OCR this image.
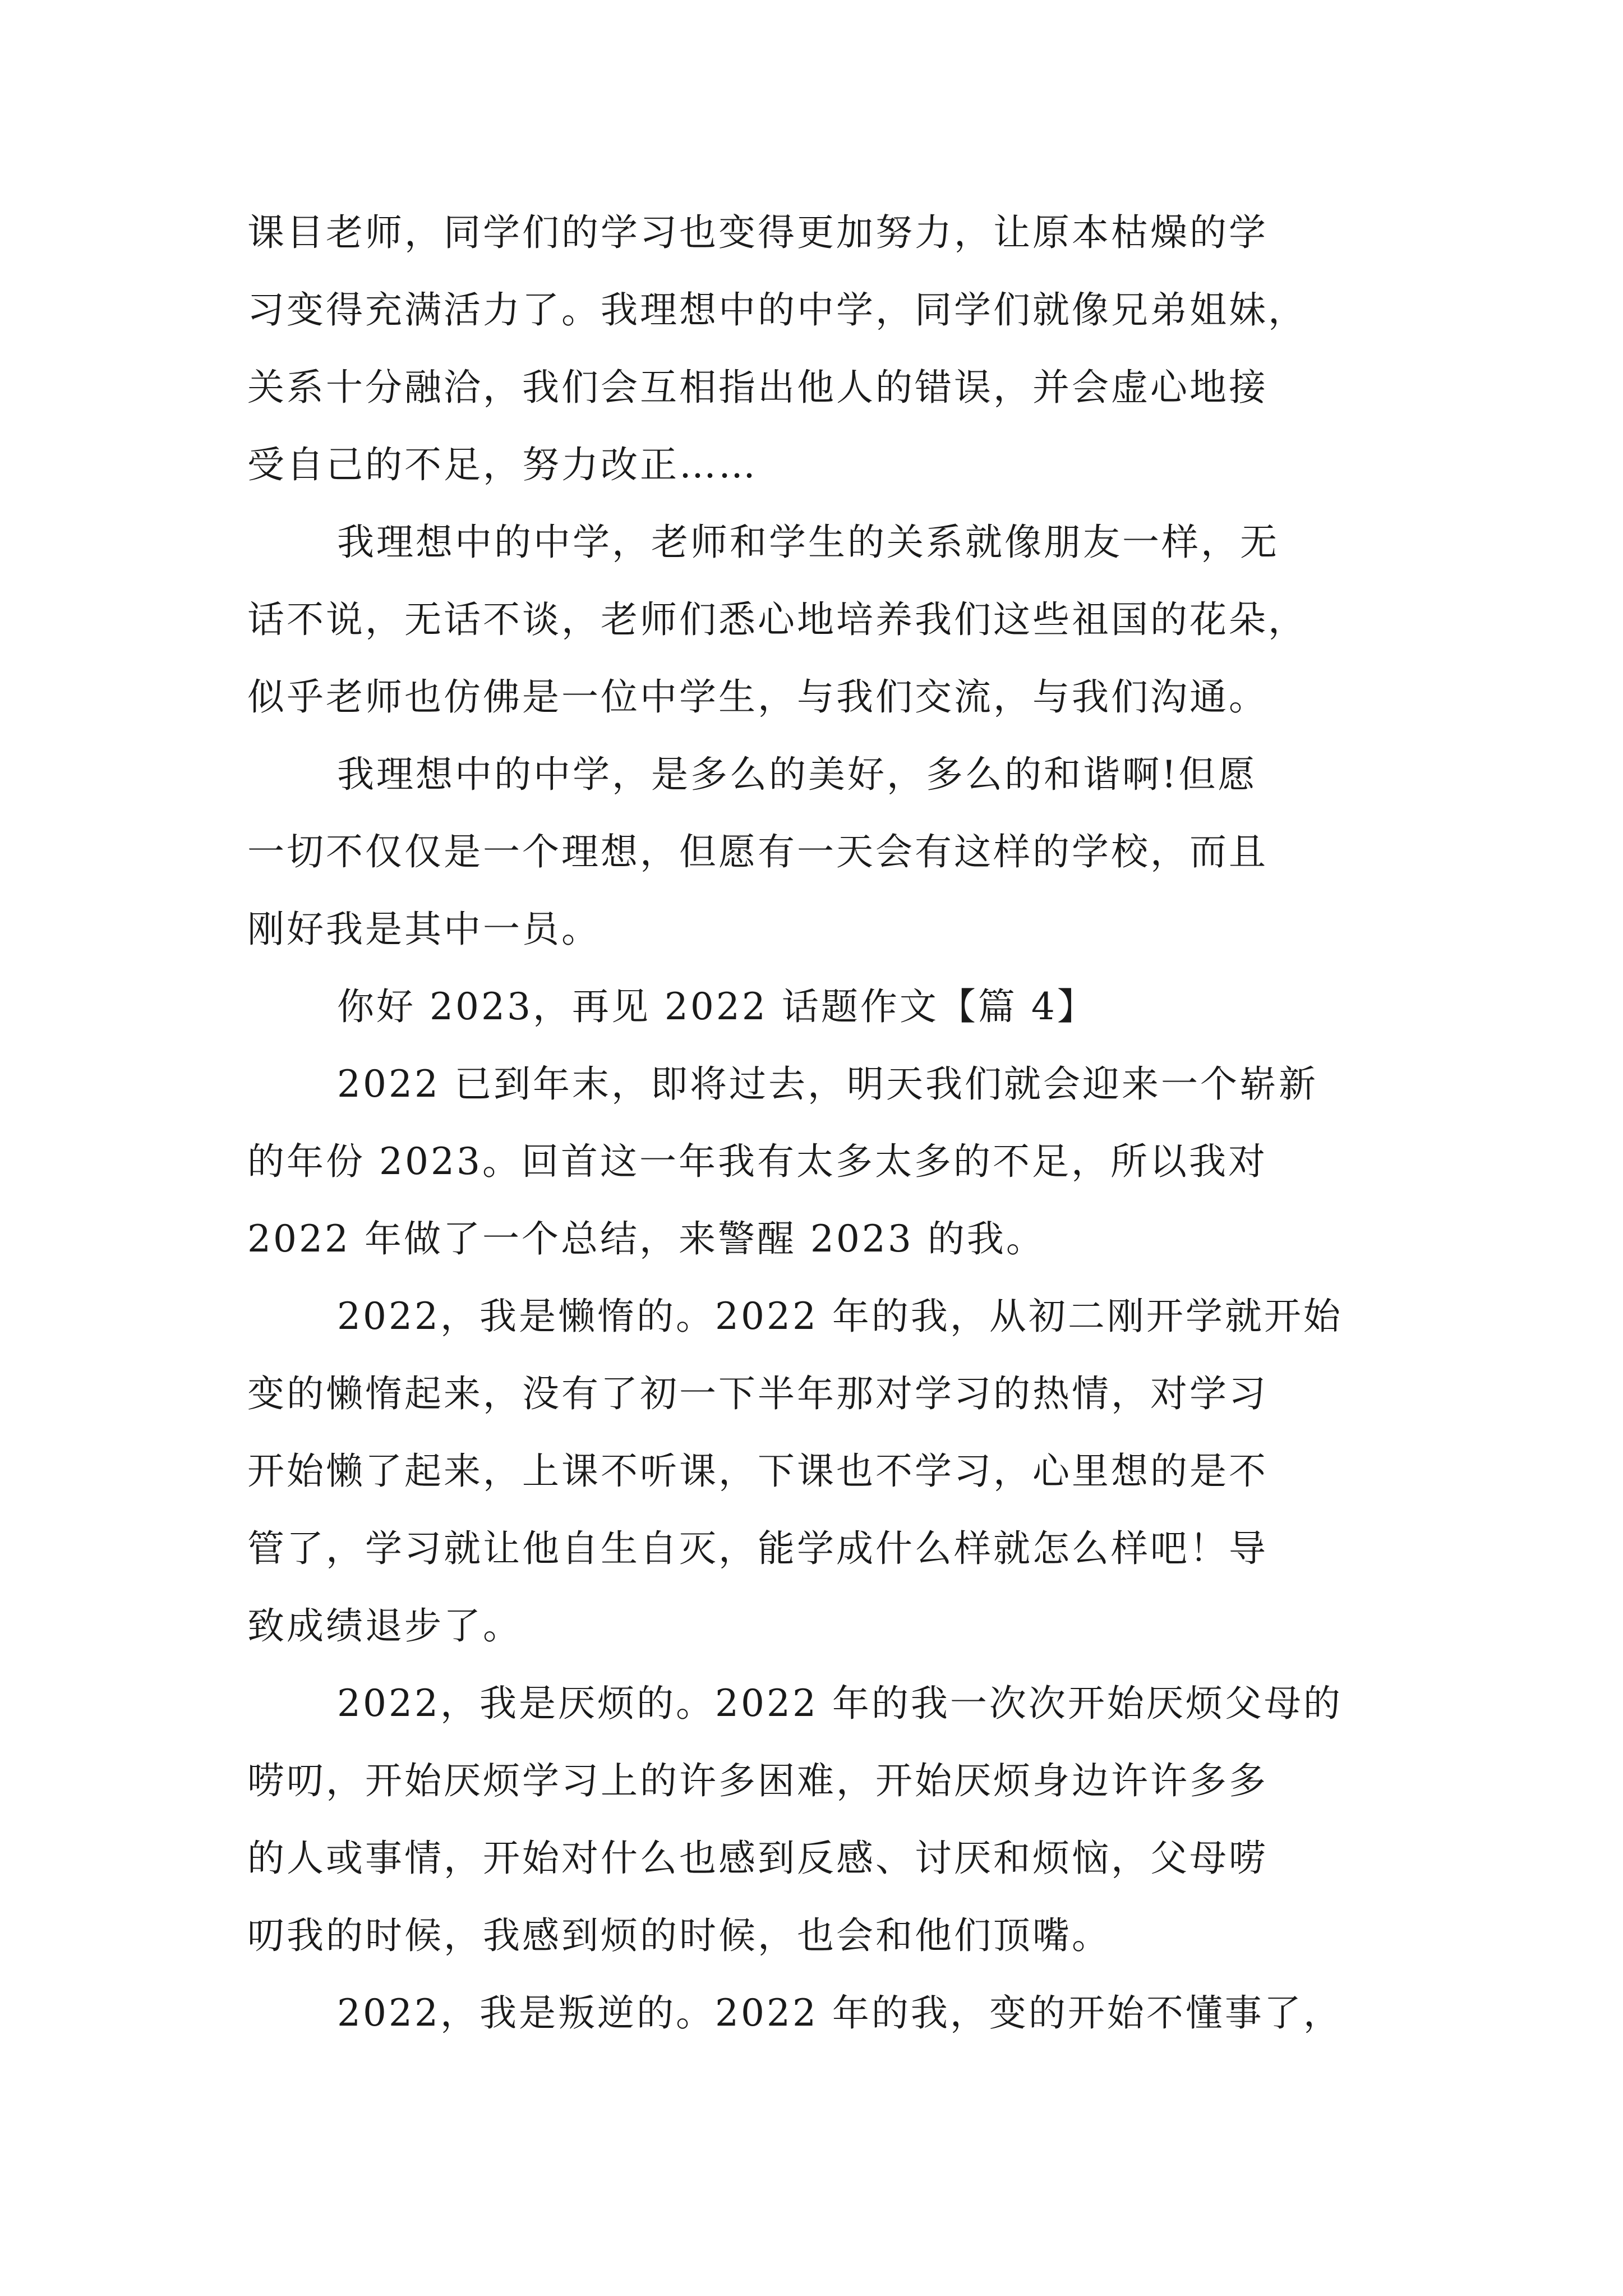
课目老师，同学们的学习也变得更加努力，让原本枯燥的学
习变得充满活力了。我理想中的中学，同学们就像兄弟姐妹，
关系十分融洽，我们会互相指出他人的错误，并会虚心地接
受自己的不足，努力改正……
我理想中的中学，老师和学生的关系就像朋友一样，无
话不说，无话不谈，老师们悉心地培养我们这些祖国的花朵，
似乎老师也仿佛是一位中学生，与我们交流，与我们沟通。
我理想中的中学，是多么的美好，多么的和谐啊!但愿
一切不仅仅是一个理想，但愿有一天会有这样的学校，而且
刚好我是其中一员。
你好 2023，再见 2022 话题作文【篇 4】
2022 已到年末，即将过去，明天我们就会迎来一个崭新
的年份 2023。回首这一年我有太多太多的不足，所以我对
2022 年做了一个总结，来警醒 2023 的我。
2022，我是懒惰的。2022 年的我，从初二刚开学就开始
变的懒惰起来，没有了初一下半年那对学习的热情，对学习
开始懒了起来，上课不听课，下课也不学习，心里想的是不
管了，学习就让他自生自灭，能学成什么样就怎么样吧！导
致成绩退步了。
2022，我是厌烦的。2022 年的我一次次开始厌烦父母的
唠叨，开始厌烦学习上的许多困难，开始厌烦身边许许多多
的人或事情，开始对什么也感到反感、讨厌和烦恼，父母唠
叨我的时候，我感到烦的时候，也会和他们顶嘴。
2022，我是叛逆的。2022 年的我，变的开始不懂事了，
